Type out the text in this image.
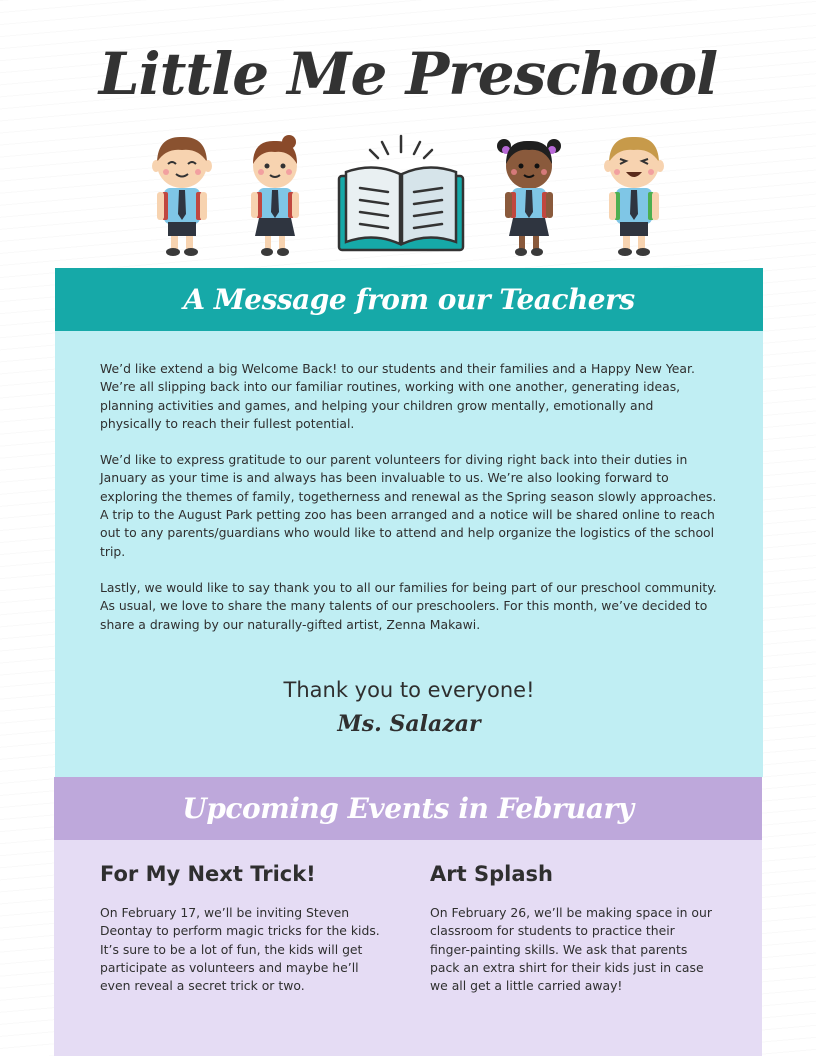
Little Me Preschool
A Message from our Teachers

We’d like extend a big Welcome Back! to our students and their families and a Happy New Year. We’re all slipping back into our familiar routines, working with one another, generating ideas, planning activities and games, and helping your children grow mentally, emotionally and physically to reach their fullest potential.

We’d like to express gratitude to our parent volunteers for diving right back into their duties in January as your time is and always has been invaluable to us. We’re also looking forward to exploring the themes of family, togetherness and renewal as the Spring season slowly approaches. A trip to the August Park petting zoo has been arranged and a notice will be shared online to reach out to any parents/guardians who would like to attend and help organize the logistics of the school trip.

Lastly, we would like to say thank you to all our families for being part of our preschool community. As usual, we love to share the many talents of our preschoolers. For this month, we’ve decided to share a drawing by our naturally-gifted artist, Zenna Makawi.

Thank you to everyone!
Ms. Salazar
Upcoming Events in February
For My Next Trick!

On February 17, we’ll be inviting Steven Deontay to perform magic tricks for the kids. It’s sure to be a lot of fun, the kids will get participate as volunteers and maybe he’ll even reveal a secret trick or two.

Art Splash

On February 26, we’ll be making space in our classroom for students to practice their finger-painting skills. We ask that parents pack an extra shirt for their kids just in case we all get a little carried away!
